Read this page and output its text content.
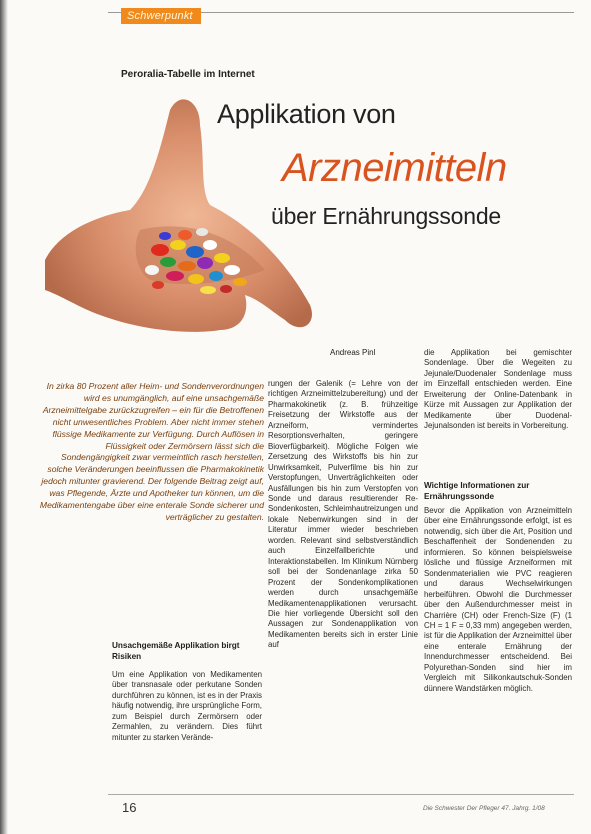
Schwerpunkt
Peroralia-Tabelle im Internet
Applikation von
Arzneimitteln
über Ernährungssonde

In zirka 80 Prozent aller Heim- und Sondenverordnungen wird es unumgänglich, auf eine unsachgemäße Arzneimittelgabe zurückzugreifen – ein für die Betroffenen nicht unwesentliches Problem. Aber nicht immer stehen flüssige Medikamente zur Verfügung. Durch Auflösen in Flüssigkeit oder Zermörsern lässt sich die Sondengängigkeit zwar vermeintlich rasch herstellen, solche Veränderungen beeinflussen die Pharmakokinetik jedoch mitunter gravierend. Der folgende Beitrag zeigt auf, was Pflegende, Ärzte und Apotheker tun können, um die Medikamentengabe über eine enterale Sonde sicherer und verträglicher zu gestalten.

Andreas Pinl

Unsachgemäße Applikation birgt Risiken

Um eine Applikation von Medikamenten über transnasale oder perkutane Sonden durchführen zu können, ist es in der Praxis häufig notwendig, ihre ursprüngliche Form, zum Beispiel durch Zermörsern oder Zermahlen, zu verändern. Dies führt mitunter zu starken Verände-

rungen der Galenik (= Lehre von der richtigen Arzneimittelzubereitung) und der Pharmakokinetik (z. B. frühzeitige Freisetzung der Wirkstoffe aus der Arzneiform, vermindertes Resorptionsverhalten, geringere Bioverfügbarkeit). Mögliche Folgen wie Zersetzung des Wirkstoffs bis hin zur Unwirksamkeit, Pulverfilme bis hin zur Verstopfungen, Unverträglichkeiten oder Ausfällungen bis hin zum Verstopfen von Sonde und daraus resultierender Re-Sondenkosten, Schleimhautreizungen und lokale Nebenwirkungen sind in der Literatur immer wieder beschrieben worden. Relevant sind selbstverständlich auch Einzelfallberichte und Interaktionstabellen. Im Klinikum Nürnberg soll bei der Sondenanlage zirka 50 Prozent der Sondenkomplikationen werden durch unsachgemäße Medikamentenapplikationen verursacht. Die hier vorliegende Übersicht soll den Aussagen zur Sondenapplikation von Medikamenten bereits sich in erster Linie auf

die Applikation bei gemischter Sondenlage. Über die Wegeiten zu Jejunale/Duodenaler Sondenlage muss im Einzelfall entschieden werden. Eine Erweiterung der Online-Datenbank in Kürze mit Aussagen zur Applikation der Medikamente über Duodenal-Jejunalsonden ist bereits in Vorbereitung.

Wichtige Informationen zur Ernährungssonde

Bevor die Applikation von Arzneimitteln über eine Ernährungssonde erfolgt, ist es notwendig, sich über die Art, Position und Beschaffenheit der Sondenenden zu informieren. So können beispielsweise lösliche und flüssige Arzneiformen mit Sondenmaterialien wie PVC reagieren und daraus Wechselwirkungen herbeiführen. Obwohl die Durchmesser über den Außendurchmesser meist in Charrière (CH) oder French-Size (F) (1 CH = 1 F = 0,33 mm) angegeben werden, ist für die Applikation der Arzneimittel über eine enterale Ernährung der Innendurchmesser entscheidend. Bei Polyurethan-Sonden sind hier im Vergleich mit Silikonkautschuk-Sonden dünnere Wandstärken möglich.

16	Die Schwester Der Pfleger 47. Jahrg. 1/08
